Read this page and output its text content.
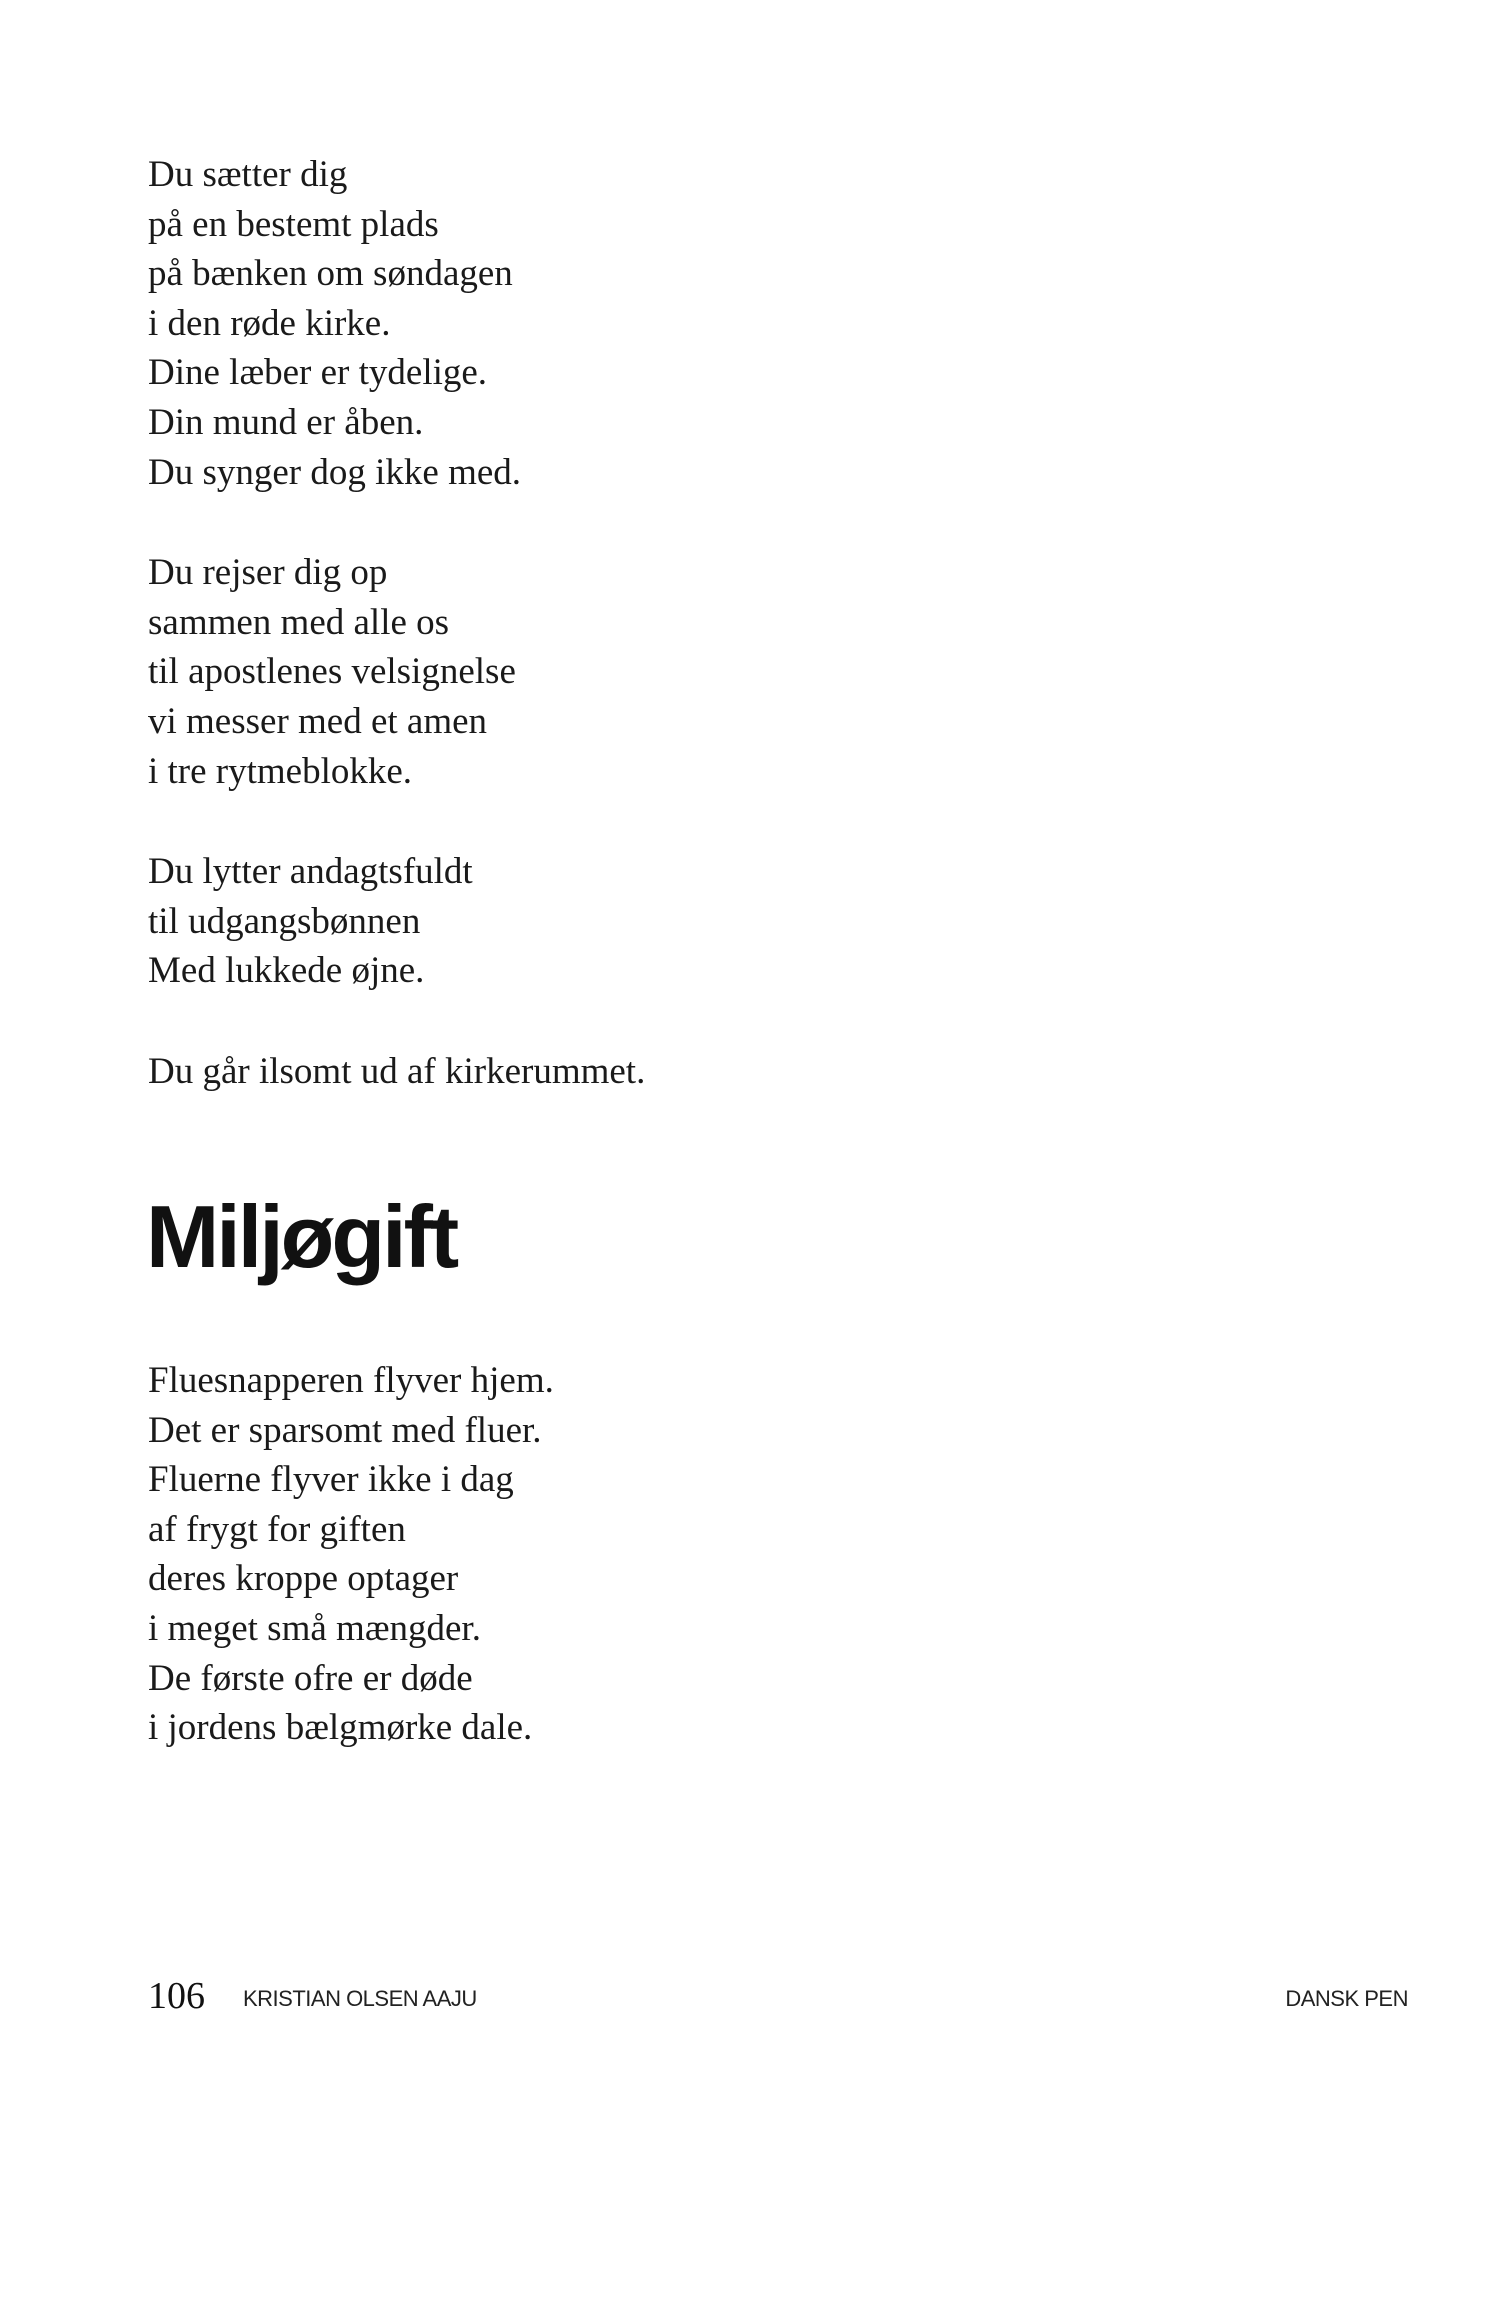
Du sætter dig
på en bestemt plads
på bænken om søndagen
i den røde kirke.
Dine læber er tydelige.
Din mund er åben.
Du synger dog ikke med.
Du rejser dig op
sammen med alle os
til apostlenes velsignelse
vi messer med et amen
i tre rytmeblokke.
Du lytter andagtsfuldt
til udgangsbønnen
Med lukkede øjne.
Du går ilsomt ud af kirkerummet.
Miljøgift
Fluesnapperen flyver hjem.
Det er sparsomt med fluer.
Fluerne flyver ikke i dag
af frygt for giften
deres kroppe optager
i meget små mængder.
De første ofre er døde
i jordens bælgmørke dale.
106 KRISTIAN OLSEN AAJU	DANSK PEN
